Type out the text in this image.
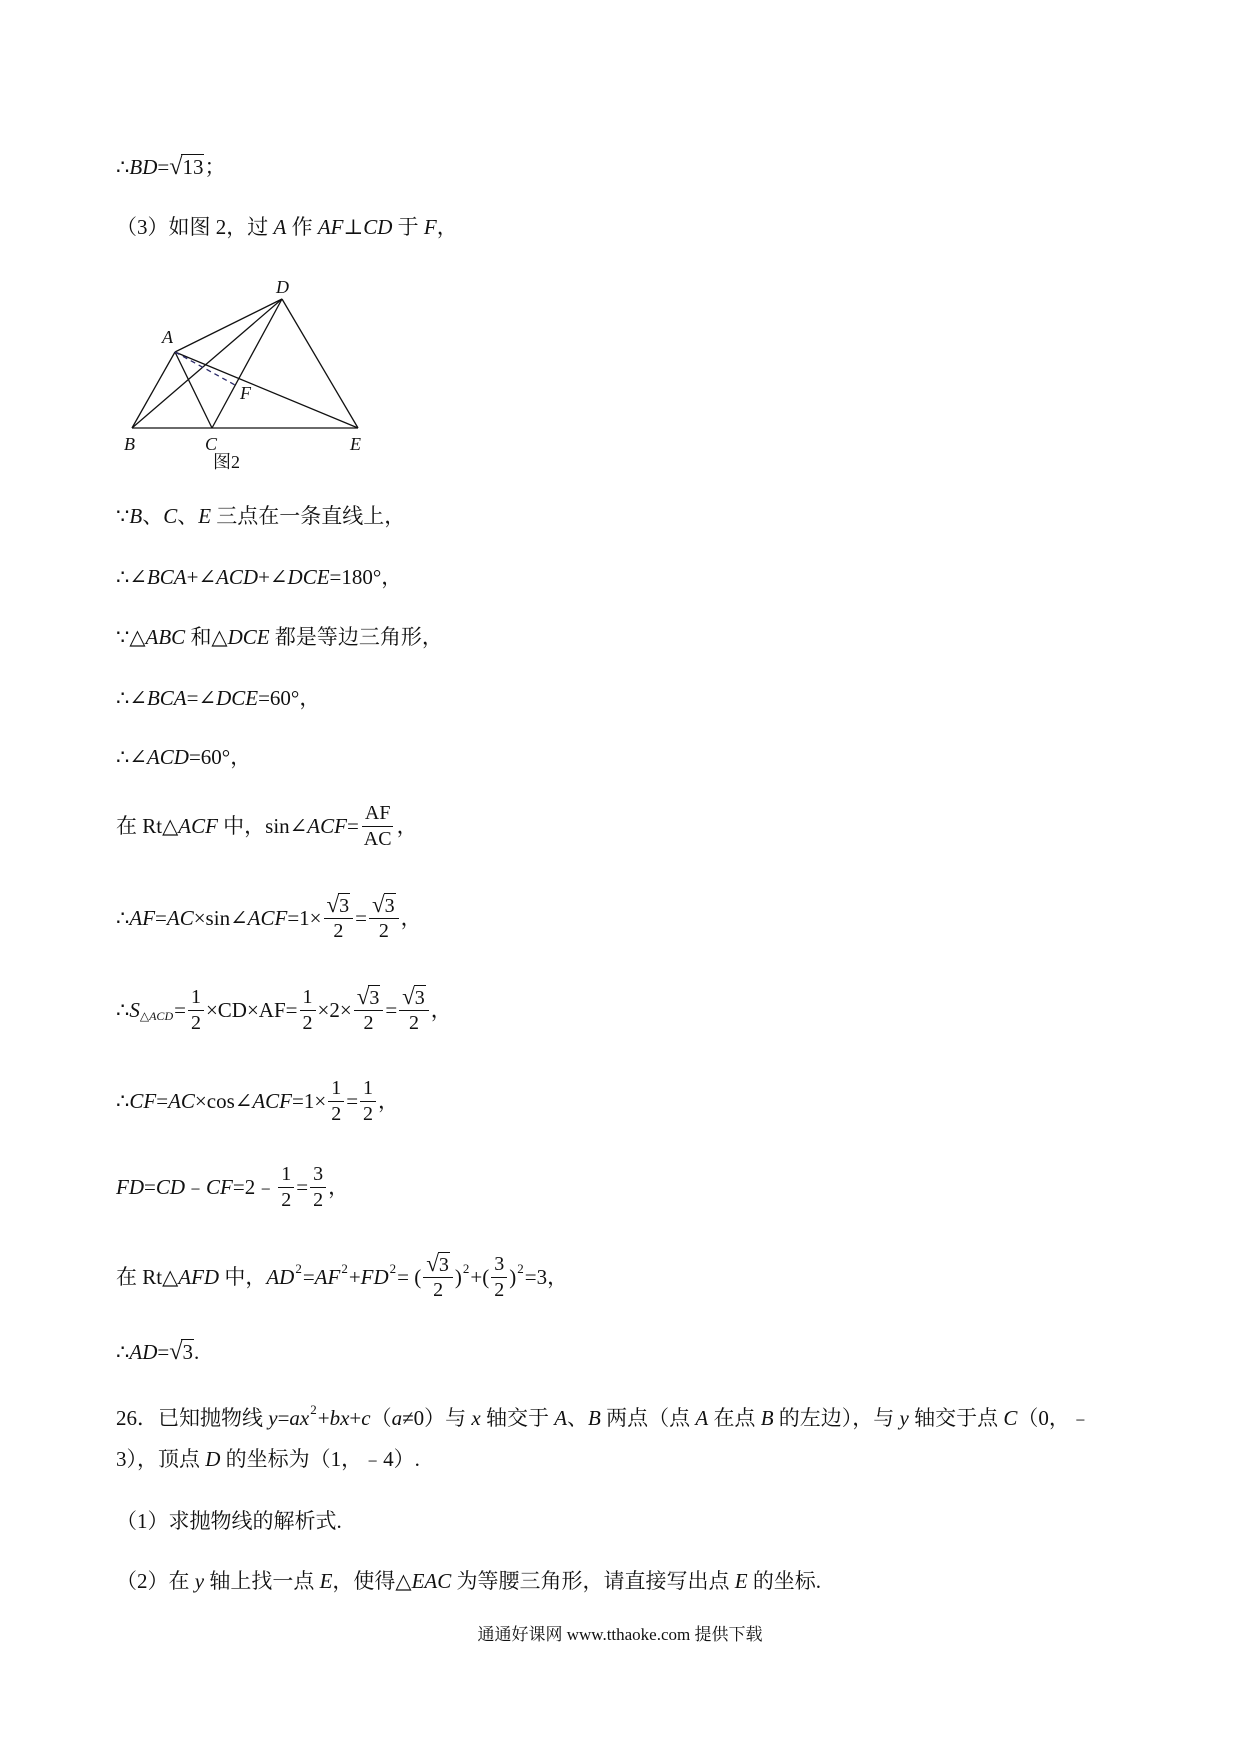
∴ BD = √ 13 ；
（3）如图 2，过 A 作 AF ⊥ CD 于 F ，
A
D
B	C	E
F
图2
∵ B 、 C 、 E 三点在一条直线上，
∴∠ BCA +∠ ACD +∠ DCE =180°，
∵△ ABC 和△ DCE 都是等边三角形，
∴∠ BCA =∠ DCE =60°，
∴∠ ACD =60°，
在 Rt△ ACF 中，sin∠ ACF = $\frac{AF}{AC}$ ，
∴ AF = AC ×sin∠ ACF $=1\times \frac{√ 3}{2} = \frac{√ 3}{2}$ ，
∴ S △ACD = $\frac{1}{2} \times CD\times AF= \frac{1}{2} \times 2\times \frac{√ 3}{2} = \frac{√ 3}{2}$ ，
∴ CF = AC ×cos∠ ACF $=1\times \frac{1}{2} = \frac{1}{2}$ ，
FD = CD ﹣ CF =2﹣ $\frac{1}{2} = \frac{3}{2}$ ，
在 Rt△ AFD 中， AD 2 = AF 2 + FD 2 = ( $\frac{√ 3}{2}$ ) 2 +( $\frac{3}{2}$ ) 2 =3，
∴ AD = √ 3 .
26．已知抛物线 y = ax 2 + bx + c （ a ≠0）与 x 轴交于 A 、 B 两点（点 A 在点 B 的左边），与 y 轴交于点 C （0，﹣
3），顶点 D 的坐标为（1，﹣4）.
（1）求抛物线的解析式.
（2）在 y 轴上找一点 E ，使得△ EAC 为等腰三角形，请直接写出点 E 的坐标.
通通好课网 www.tthaoke.com 提供下载
